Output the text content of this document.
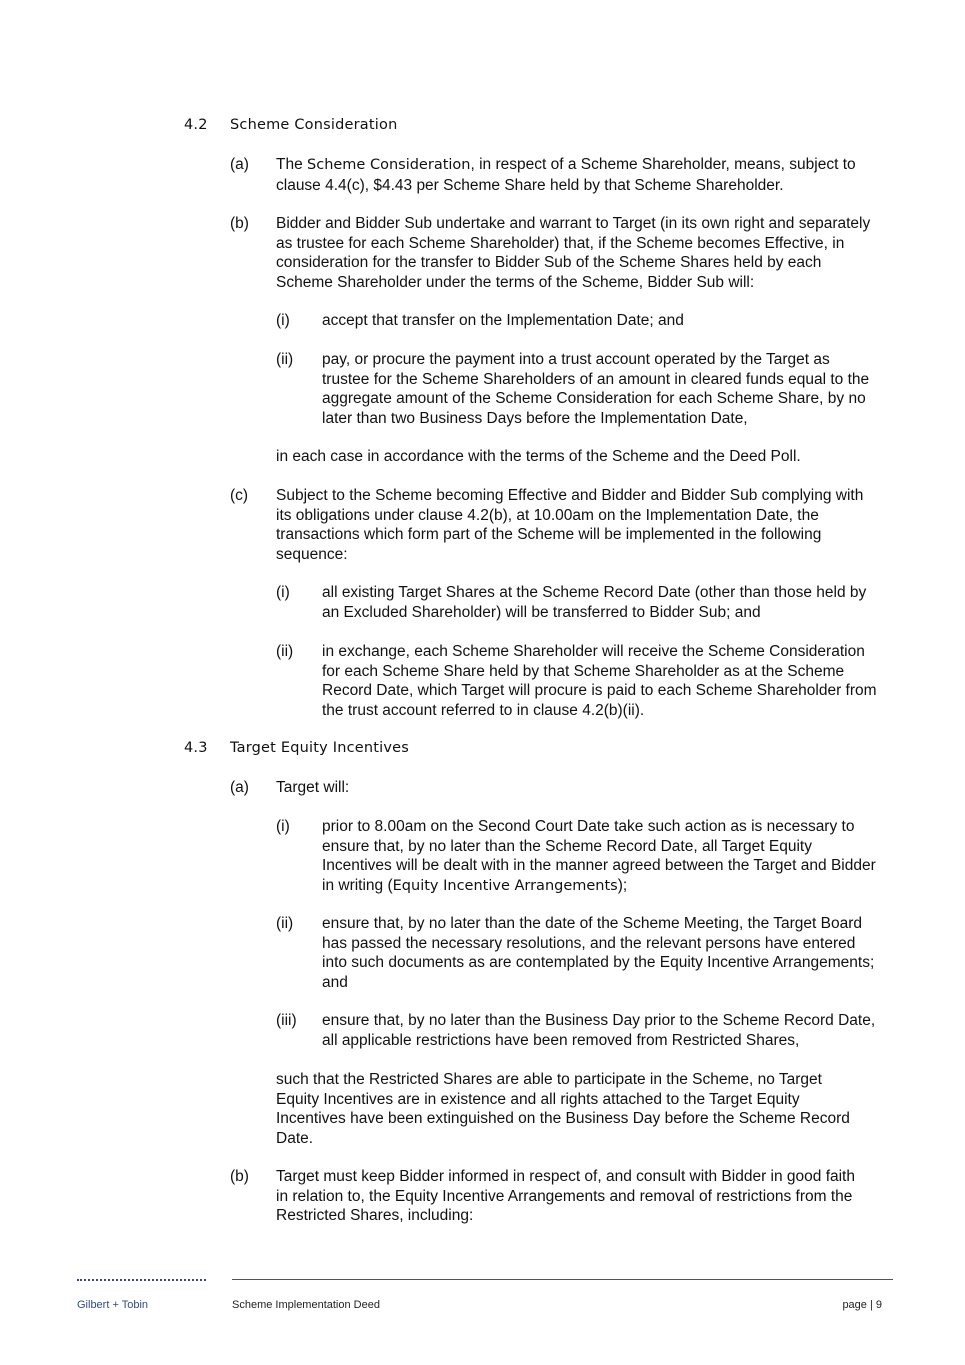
4.2 Scheme Consideration
(a) The Scheme Consideration, in respect of a Scheme Shareholder, means, subject to clause 4.4(c), $4.43 per Scheme Share held by that Scheme Shareholder.
(b) Bidder and Bidder Sub undertake and warrant to Target (in its own right and separately as trustee for each Scheme Shareholder) that, if the Scheme becomes Effective, in consideration for the transfer to Bidder Sub of the Scheme Shares held by each Scheme Shareholder under the terms of the Scheme, Bidder Sub will:
(i) accept that transfer on the Implementation Date; and
(ii) pay, or procure the payment into a trust account operated by the Target as trustee for the Scheme Shareholders of an amount in cleared funds equal to the aggregate amount of the Scheme Consideration for each Scheme Share, by no later than two Business Days before the Implementation Date,
in each case in accordance with the terms of the Scheme and the Deed Poll.
(c) Subject to the Scheme becoming Effective and Bidder and Bidder Sub complying with its obligations under clause 4.2(b), at 10.00am on the Implementation Date, the transactions which form part of the Scheme will be implemented in the following sequence:
(i) all existing Target Shares at the Scheme Record Date (other than those held by an Excluded Shareholder) will be transferred to Bidder Sub; and
(ii) in exchange, each Scheme Shareholder will receive the Scheme Consideration for each Scheme Share held by that Scheme Shareholder as at the Scheme Record Date, which Target will procure is paid to each Scheme Shareholder from the trust account referred to in clause 4.2(b)(ii).
4.3 Target Equity Incentives
(a) Target will:
(i) prior to 8.00am on the Second Court Date take such action as is necessary to ensure that, by no later than the Scheme Record Date, all Target Equity Incentives will be dealt with in the manner agreed between the Target and Bidder in writing (Equity Incentive Arrangements);
(ii) ensure that, by no later than the date of the Scheme Meeting, the Target Board has passed the necessary resolutions, and the relevant persons have entered into such documents as are contemplated by the Equity Incentive Arrangements; and
(iii) ensure that, by no later than the Business Day prior to the Scheme Record Date, all applicable restrictions have been removed from Restricted Shares,
such that the Restricted Shares are able to participate in the Scheme, no Target Equity Incentives are in existence and all rights attached to the Target Equity Incentives have been extinguished on the Business Day before the Scheme Record Date.
(b) Target must keep Bidder informed in respect of, and consult with Bidder in good faith in relation to, the Equity Incentive Arrangements and removal of restrictions from the Restricted Shares, including:
Gilbert + Tobin	Scheme Implementation Deed	page | 9
